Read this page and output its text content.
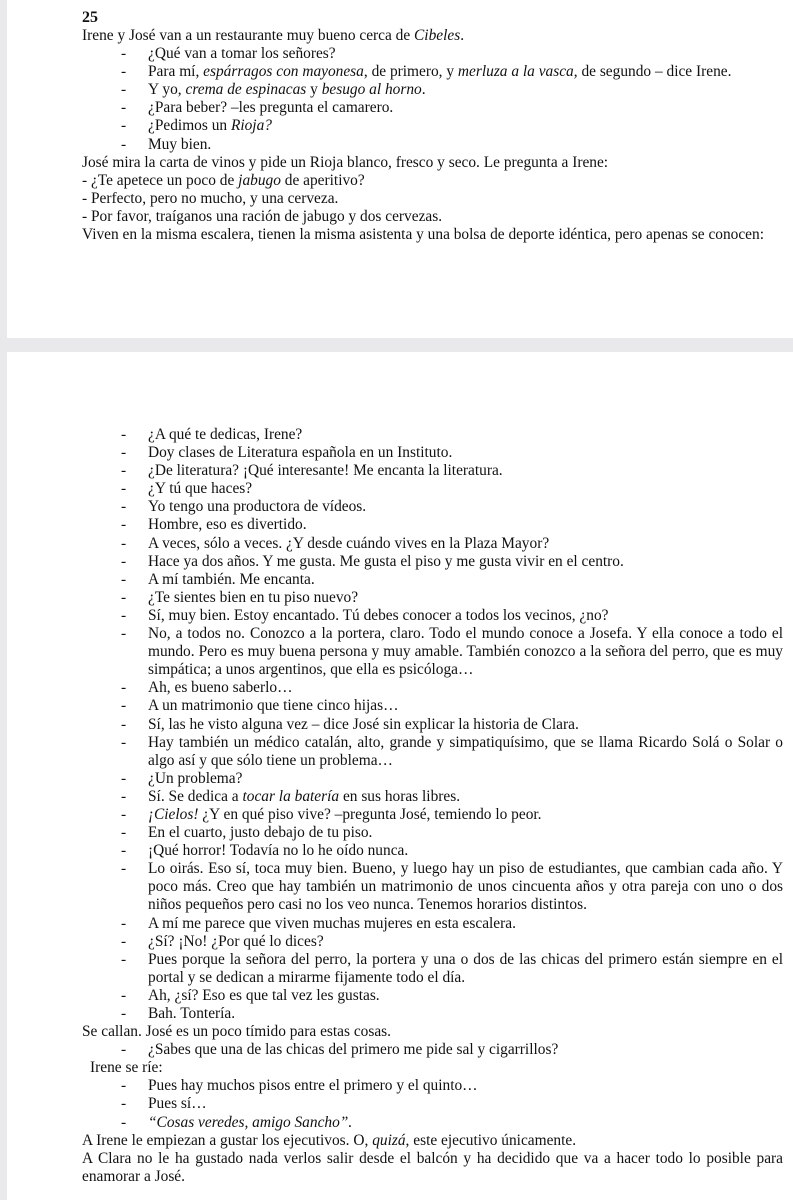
25

Irene y José van a un restaurante muy bueno cerca de Cibeles.

- ¿Qué van a tomar los señores?

- Para mí, espárragos con mayonesa, de primero, y merluza a la vasca, de segundo – dice Irene.

- Y yo, crema de espinacas y besugo al horno.

- ¿Para beber? –les pregunta el camarero.

- ¿Pedimos un Rioja?

- Muy bien.

José mira la carta de vinos y pide un Rioja blanco, fresco y seco. Le pregunta a Irene:

- ¿Te apetece un poco de jabugo de aperitivo?

- Perfecto, pero no mucho, y una cerveza.

- Por favor, traíganos una ración de jabugo y dos cervezas.

Viven en la misma escalera, tienen la misma asistenta y una bolsa de deporte idéntica, pero apenas se conocen:

- ¿A qué te dedicas, Irene?

- Doy clases de Literatura española en un Instituto.

- ¿De literatura? ¡Qué interesante! Me encanta la literatura.

- ¿Y tú que haces?

- Yo tengo una productora de vídeos.

- Hombre, eso es divertido.

- A veces, sólo a veces. ¿Y desde cuándo vives en la Plaza Mayor?

- Hace ya dos años. Y me gusta. Me gusta el piso y me gusta vivir en el centro.

- A mí también. Me encanta.

- ¿Te sientes bien en tu piso nuevo?

- Sí, muy bien. Estoy encantado. Tú debes conocer a todos los vecinos, ¿no?

- No, a todos no. Conozco a la portera, claro. Todo el mundo conoce a Josefa. Y ella conoce a todo el mundo. Pero es muy buena persona y muy amable. También conozco a la señora del perro, que es muy simpática; a unos argentinos, que ella es psicóloga…

- Ah, es bueno saberlo…

- A un matrimonio que tiene cinco hijas…

- Sí, las he visto alguna vez – dice José sin explicar la historia de Clara.

- Hay también un médico catalán, alto, grande y simpatiquísimo, que se llama Ricardo Solá o Solar o algo así y que sólo tiene un problema…

- ¿Un problema?

- Sí. Se dedica a tocar la batería en sus horas libres.

- ¡Cielos! ¿Y en qué piso vive? –pregunta José, temiendo lo peor.

- En el cuarto, justo debajo de tu piso.

- ¡Qué horror! Todavía no lo he oído nunca.

- Lo oirás. Eso sí, toca muy bien. Bueno, y luego hay un piso de estudiantes, que cambian cada año. Y poco más. Creo que hay también un matrimonio de unos cincuenta años y otra pareja con uno o dos niños pequeños pero casi no los veo nunca. Tenemos horarios distintos.

- A mí me parece que viven muchas mujeres en esta escalera.

- ¿Sí? ¡No! ¿Por qué lo dices?

- Pues porque la señora del perro, la portera y una o dos de las chicas del primero están siempre en el portal y se dedican a mirarme fijamente todo el día.

- Ah, ¿sí? Eso es que tal vez les gustas.

- Bah. Tontería.

Se callan. José es un poco tímido para estas cosas.

- ¿Sabes que una de las chicas del primero me pide sal y cigarrillos?

Irene se ríe:

- Pues hay muchos pisos entre el primero y el quinto…

- Pues sí…

- “Cosas veredes, amigo Sancho”.

A Irene le empiezan a gustar los ejecutivos. O, quizá, este ejecutivo únicamente.

A Clara no le ha gustado nada verlos salir desde el balcón y ha decidido que va a hacer todo lo posible para enamorar a José.
